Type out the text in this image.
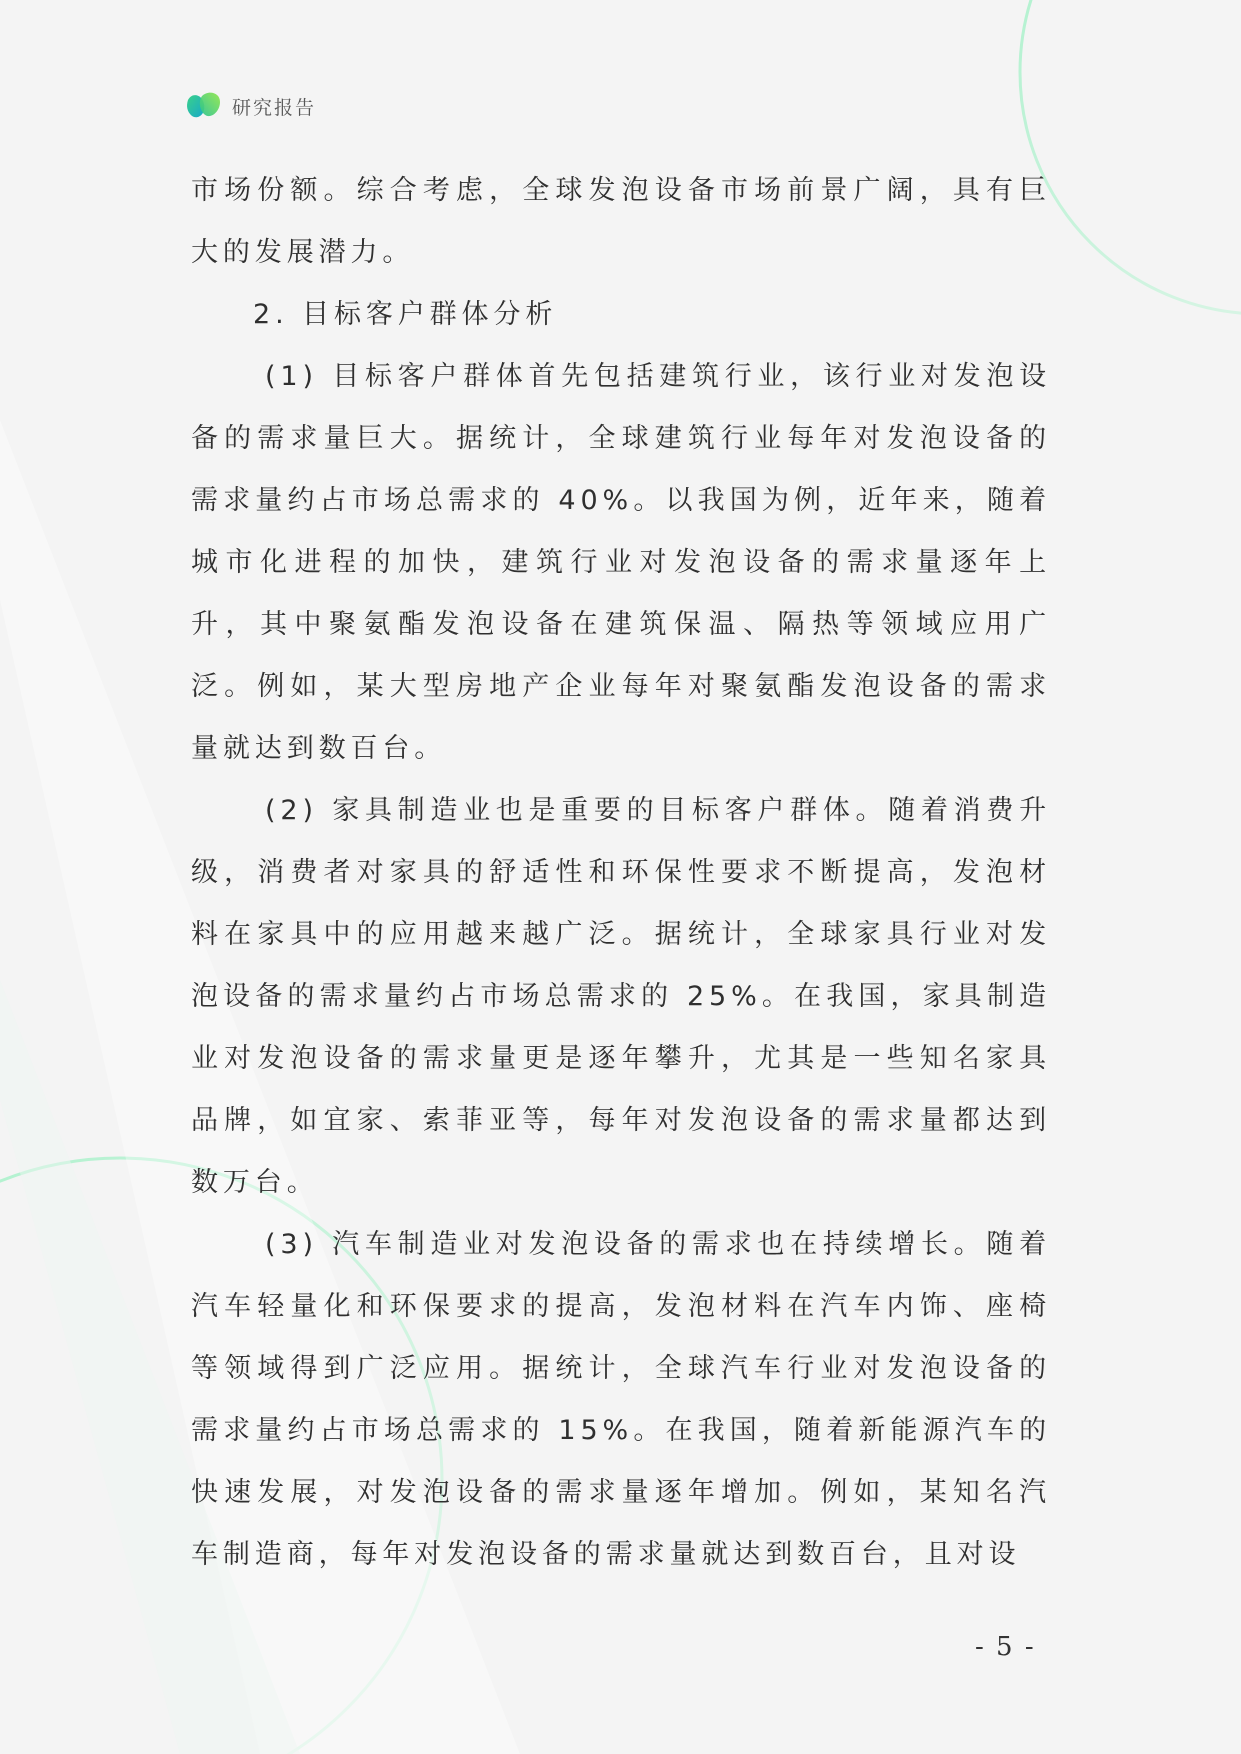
研究报告

市场份额。综合考虑，全球发泡设备市场前景广阔，具有巨大的发展潜力。

2. 目标客户群体分析

(1) 目标客户群体首先包括建筑行业，该行业对发泡设备的需求量巨大。据统计，全球建筑行业每年对发泡设备的需求量约占市场总需求的 40%。以我国为例，近年来，随着城市化进程的加快，建筑行业对发泡设备的需求量逐年上升，其中聚氨酯发泡设备在建筑保温、隔热等领域应用广泛。例如，某大型房地产企业每年对聚氨酯发泡设备的需求量就达到数百台。

(2) 家具制造业也是重要的目标客户群体。随着消费升级，消费者对家具的舒适性和环保性要求不断提高，发泡材料在家具中的应用越来越广泛。据统计，全球家具行业对发泡设备的需求量约占市场总需求的 25%。在我国，家具制造业对发泡设备的需求量更是逐年攀升，尤其是一些知名家具品牌，如宜家、索菲亚等，每年对发泡设备的需求量都达到数万台。

(3) 汽车制造业对发泡设备的需求也在持续增长。随着汽车轻量化和环保要求的提高，发泡材料在汽车内饰、座椅等领域得到广泛应用。据统计，全球汽车行业对发泡设备的需求量约占市场总需求的 15%。在我国，随着新能源汽车的快速发展，对发泡设备的需求量逐年增加。例如，某知名汽车制造商，每年对发泡设备的需求量就达到数百台，且对设

- 5 -
